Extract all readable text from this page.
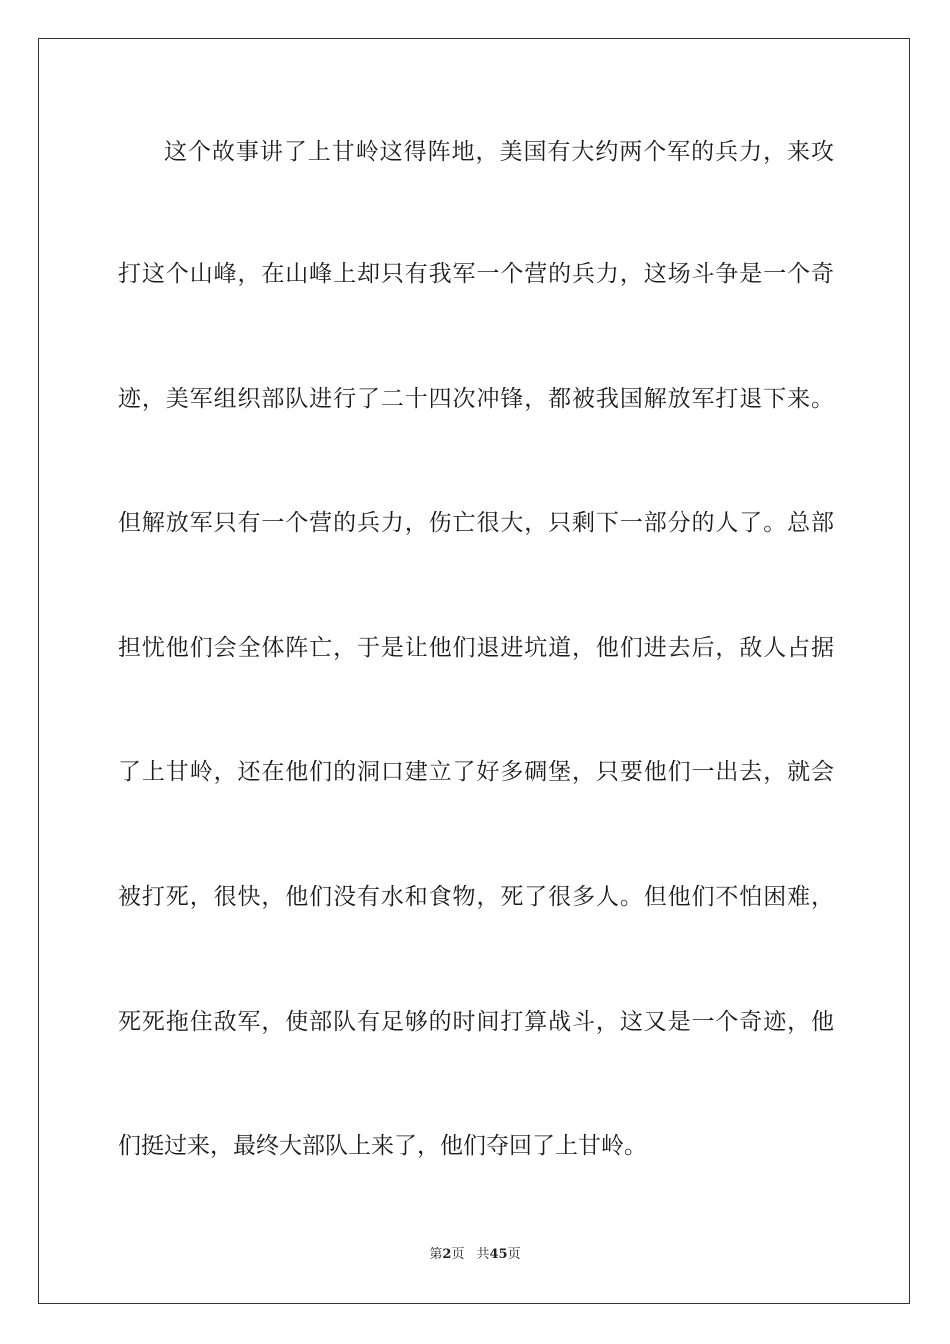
这个故事讲了上甘岭这得阵地，美国有大约两个军的兵力，来攻
打这个山峰，在山峰上却只有我军一个营的兵力，这场斗争是一个奇
迹，美军组织部队进行了二十四次冲锋，都被我国解放军打退下来。
但解放军只有一个营的兵力，伤亡很大，只剩下一部分的人了。总部
担忧他们会全体阵亡，于是让他们退进坑道，他们进去后，敌人占据
了上甘岭，还在他们的洞口建立了好多碉堡，只要他们一出去，就会
被打死，很快，他们没有水和食物，死了很多人。但他们不怕困难，
死死拖住敌军，使部队有足够的时间打算战斗，这又是一个奇迹，他
们挺过来，最终大部队上来了，他们夺回了上甘岭。
第2页 共45页
